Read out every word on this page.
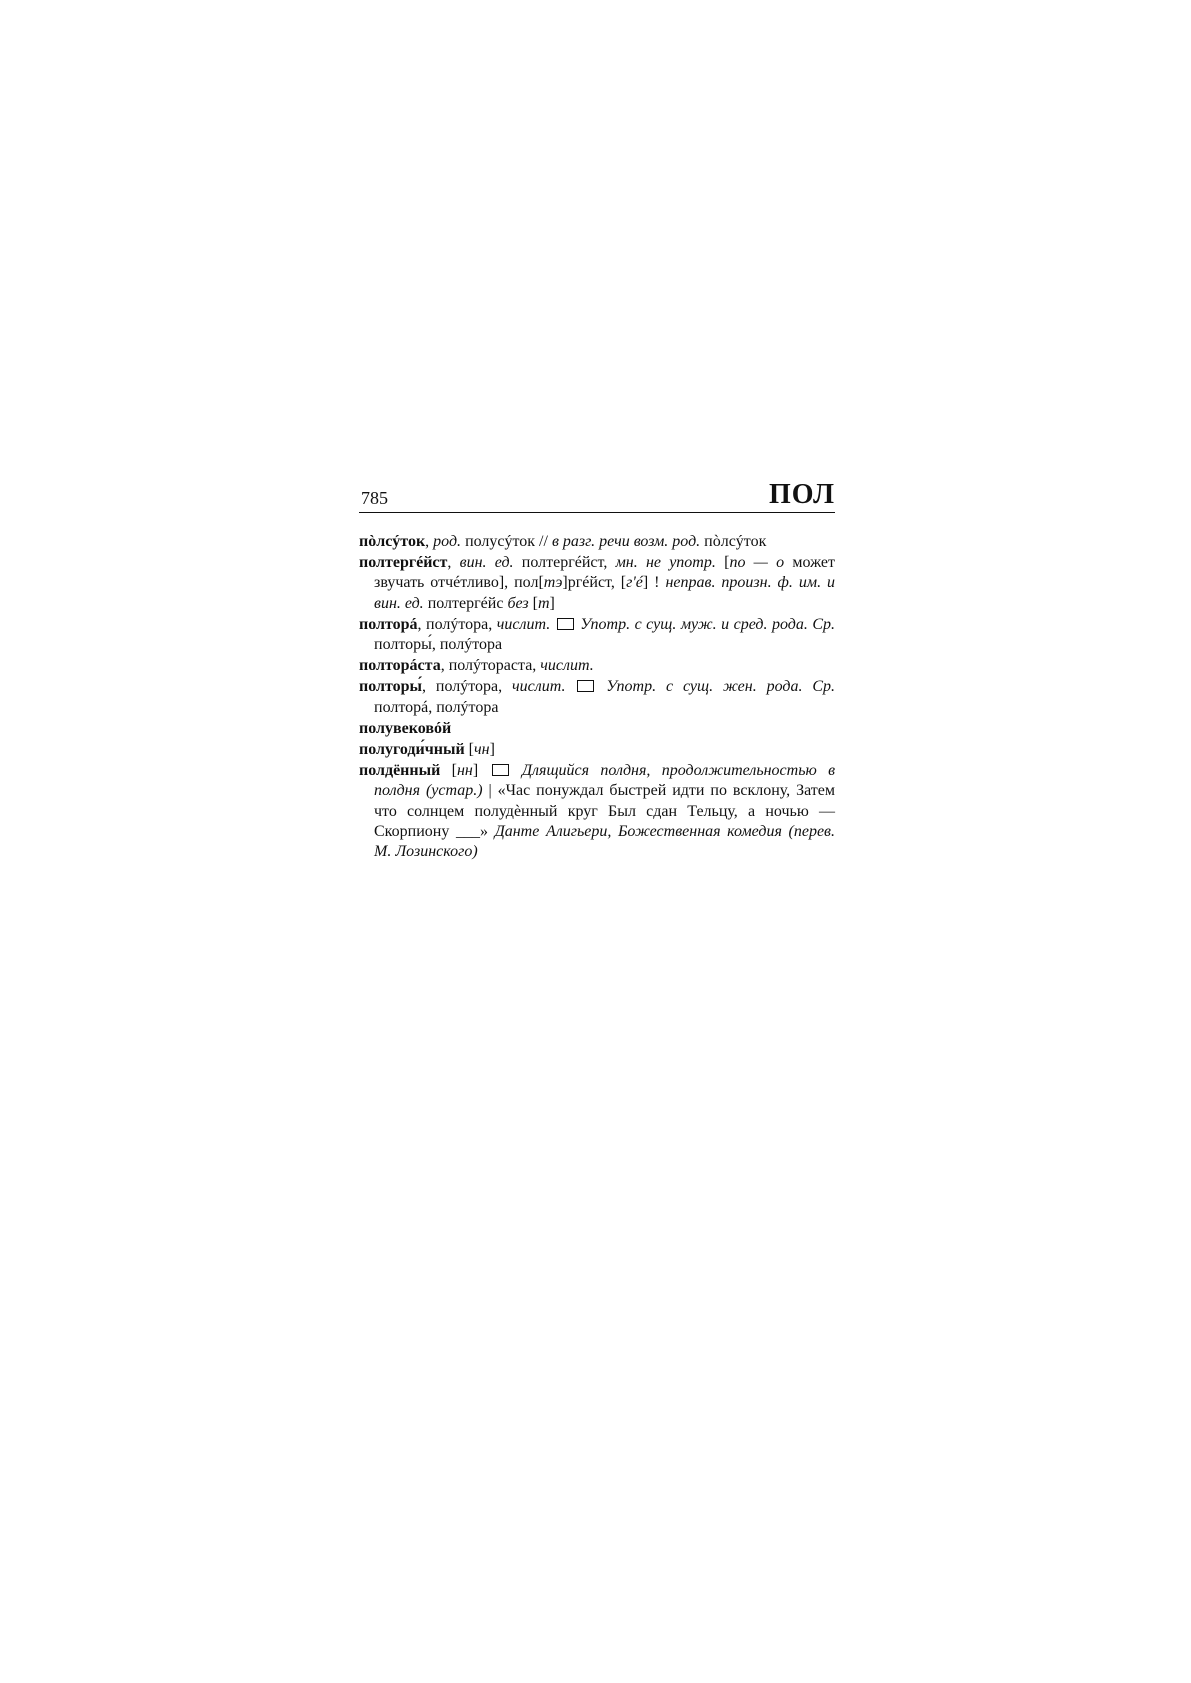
785	ПОЛ

пòлсýток, род. полусýток // в разг. речи возм. род. пòлсýток

полтергéйст, вин. ед. полтергéйст, мн. не употр. [по — о может звучать отчéтливо], пол[тэ]ргéйст, [г'é] ! неправ. произн. ф. им. и вин. ед. полтергéйс без [т]

полторá, полýтора, числит. Употр. с сущ. муж. и сред. рода. Ср. полторы́, полýтора

полторáста, полýтораста, числит.

полторы́, полýтора, числит.	Употр. с сущ. жен. рода. Ср. полторá, полýтора

полувековóй

полугоди́чный [чн]

полдённый [нн]  Длящийся полдня, продолжительностью в полдня (устар.) | «Час понуждал быстрей идти по всклону, Затем что солнцем полудѐнный круг Был сдан Тельцу, а ночью — Скорпиону ___» Данте Алигьери, Божественная комедия (перев. М. Лозинского)
